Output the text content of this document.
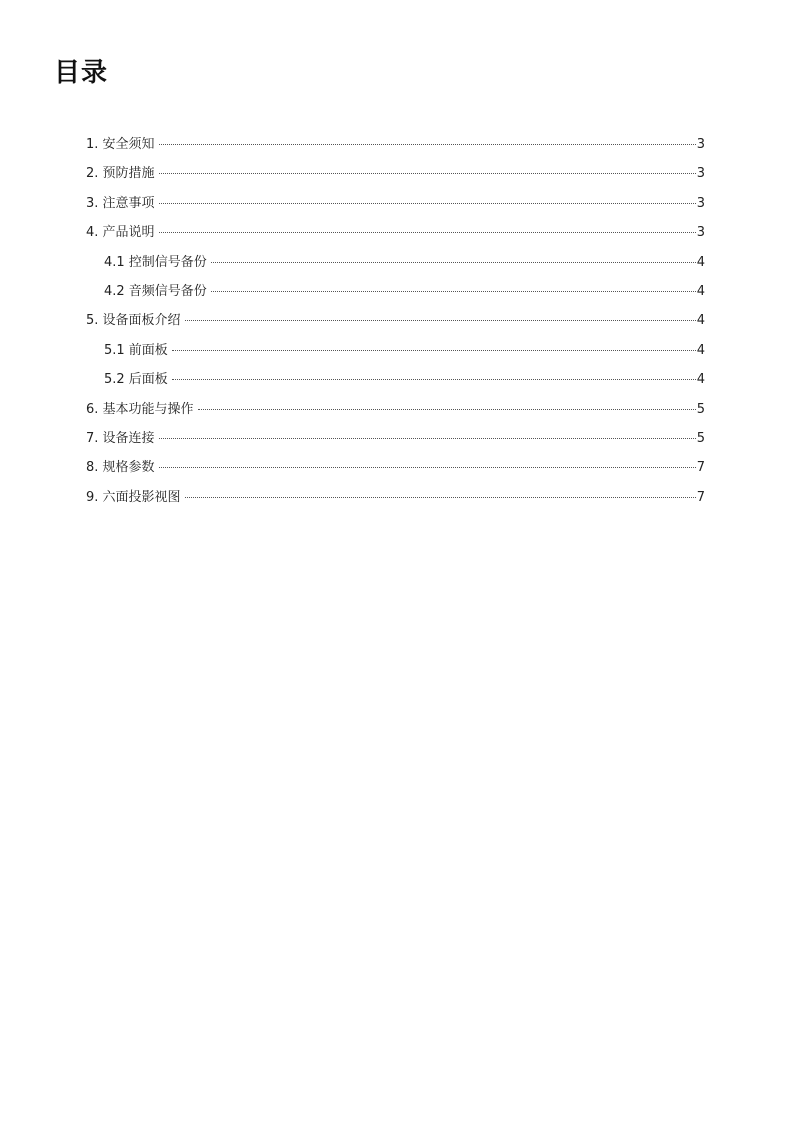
目录
1. 安全须知	3
2. 预防措施	3
3. 注意事项	3
4. 产品说明	3
4.1 控制信号备份	4
4.2 音频信号备份	4
5. 设备面板介绍	4
5.1 前面板	4
5.2 后面板	4
6. 基本功能与操作	5
7. 设备连接	5
8. 规格参数	7
9. 六面投影视图	7
